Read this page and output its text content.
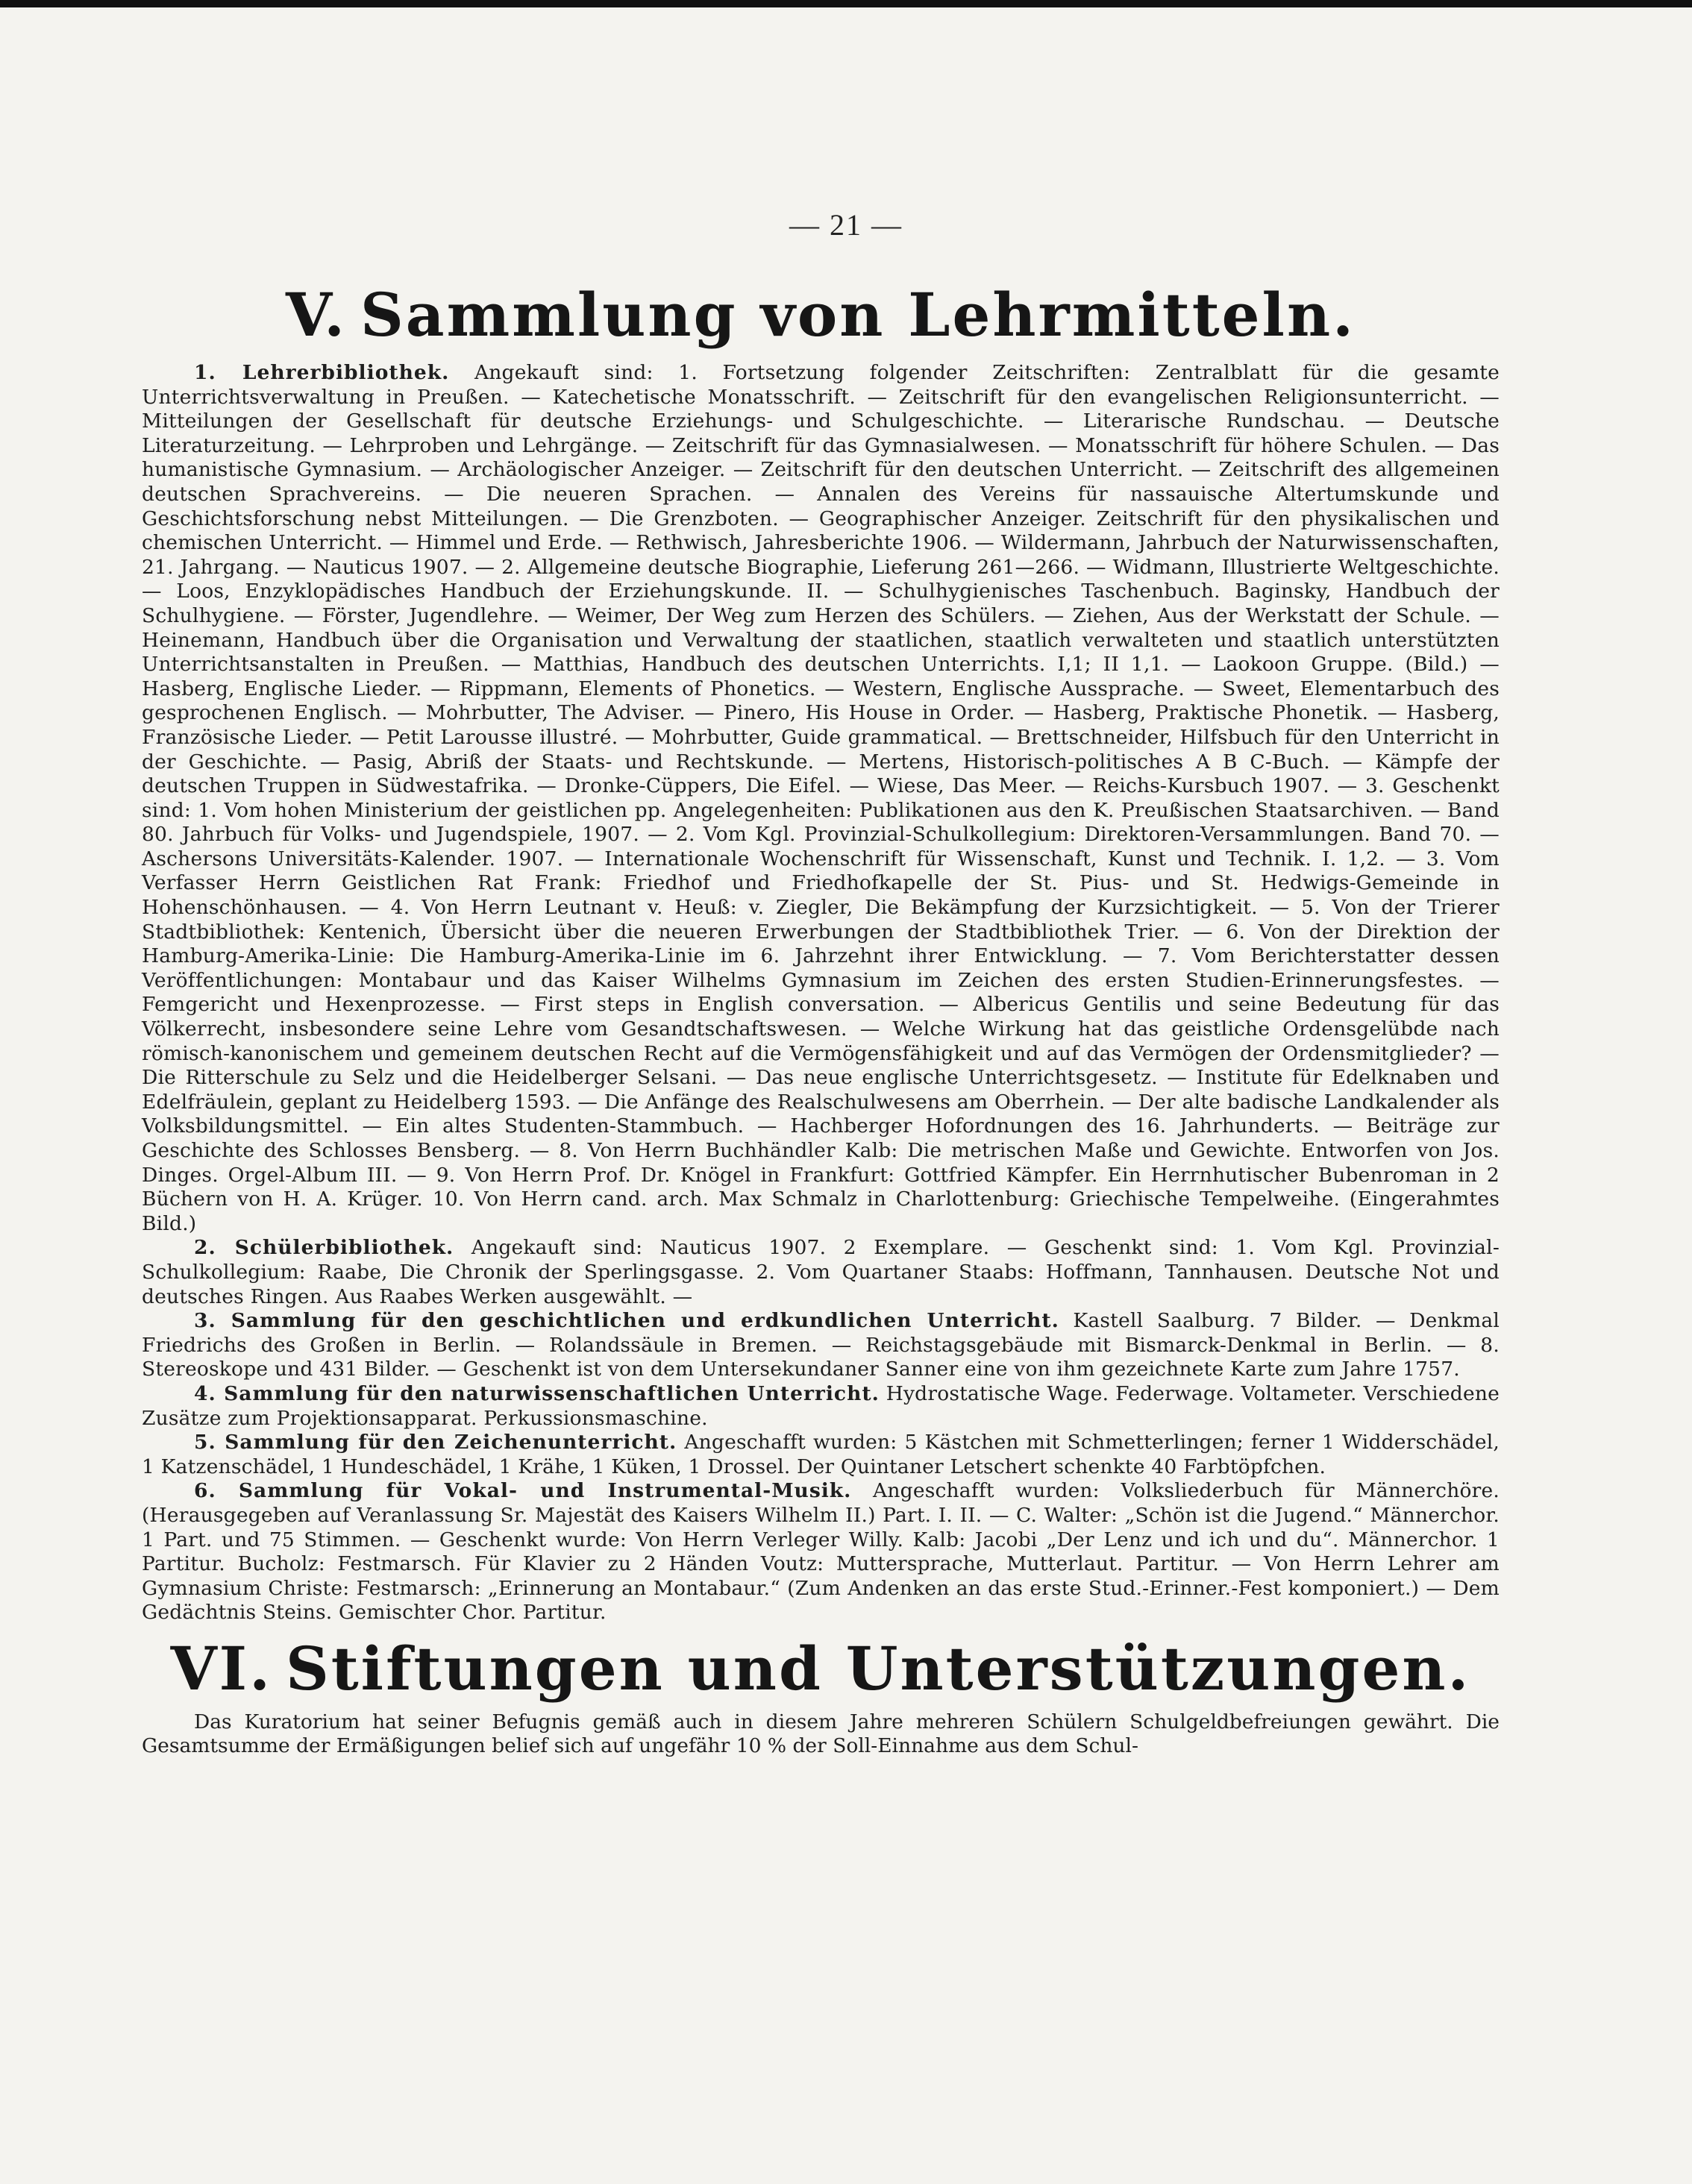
— 21 —
V. Sammlung von Lehrmitteln.

1. Lehrerbibliothek. Angekauft sind: 1. Fortsetzung folgender Zeitschriften: Zentralblatt für die gesamte Unterrichtsverwaltung in Preußen. — Katechetische Monatsschrift. — Zeitschrift für den evangelischen Religionsunterricht. — Mitteilungen der Gesellschaft für deutsche Erziehungs- und Schulgeschichte. — Literarische Rundschau. — Deutsche Literaturzeitung. — Lehrproben und Lehrgänge. — Zeitschrift für das Gymnasialwesen. — Monatsschrift für höhere Schulen. — Das humanistische Gymnasium. — Archäologischer Anzeiger. — Zeitschrift für den deutschen Unterricht. — Zeitschrift des allgemeinen deutschen Sprachvereins. — Die neueren Sprachen. — Annalen des Vereins für nassauische Altertumskunde und Geschichtsforschung nebst Mitteilungen. — Die Grenzboten. — Geographischer Anzeiger. Zeitschrift für den physikalischen und chemischen Unterricht. — Himmel und Erde. — Rethwisch, Jahresberichte 1906. — Wildermann, Jahrbuch der Naturwissenschaften, 21. Jahrgang. — Nauticus 1907. — 2. Allgemeine deutsche Biographie, Lieferung 261—266. — Widmann, Illustrierte Weltgeschichte. — Loos, Enzyklopädisches Handbuch der Erziehungskunde. II. — Schulhygienisches Taschenbuch. Baginsky, Handbuch der Schulhygiene. — Förster, Jugendlehre. — Weimer, Der Weg zum Herzen des Schülers. — Ziehen, Aus der Werkstatt der Schule. — Heinemann, Handbuch über die Organisation und Verwaltung der staatlichen, staatlich verwalteten und staatlich unterstützten Unterrichtsanstalten in Preußen. — Matthias, Handbuch des deutschen Unterrichts. I,1; II 1,1. — Laokoon Gruppe. (Bild.) — Hasberg, Englische Lieder. — Rippmann, Elements of Phonetics. — Western, Englische Aussprache. — Sweet, Elementarbuch des gesprochenen Englisch. — Mohrbutter, The Adviser. — Pinero, His House in Order. — Hasberg, Praktische Phonetik. — Hasberg, Französische Lieder. — Petit Larousse illustré. — Mohrbutter, Guide grammatical. — Brettschneider, Hilfsbuch für den Unterricht in der Geschichte. — Pasig, Abriß der Staats- und Rechtskunde. — Mertens, Historisch-politisches A B C-Buch. — Kämpfe der deutschen Truppen in Südwestafrika. — Dronke-Cüppers, Die Eifel. — Wiese, Das Meer. — Reichs-Kursbuch 1907. — 3. Geschenkt sind: 1. Vom hohen Ministerium der geistlichen pp. Angelegenheiten: Publikationen aus den K. Preußischen Staatsarchiven. — Band 80. Jahrbuch für Volks- und Jugendspiele, 1907. — 2. Vom Kgl. Provinzial-Schulkollegium: Direktoren-Versammlungen. Band 70. — Aschersons Universitäts-Kalender. 1907. — Internationale Wochenschrift für Wissenschaft, Kunst und Technik. I. 1,2. — 3. Vom Verfasser Herrn Geistlichen Rat Frank: Friedhof und Friedhofkapelle der St. Pius- und St. Hedwigs-Gemeinde in Hohenschönhausen. — 4. Von Herrn Leutnant v. Heuß: v. Ziegler, Die Bekämpfung der Kurzsichtigkeit. — 5. Von der Trierer Stadtbibliothek: Kentenich, Übersicht über die neueren Erwerbungen der Stadtbibliothek Trier. — 6. Von der Direktion der Hamburg-Amerika-Linie: Die Hamburg-Amerika-Linie im 6. Jahrzehnt ihrer Entwicklung. — 7. Vom Berichterstatter dessen Veröffentlichungen: Montabaur und das Kaiser Wilhelms Gymnasium im Zeichen des ersten Studien-Erinnerungsfestes. — Femgericht und Hexenprozesse. — First steps in English conversation. — Albericus Gentilis und seine Bedeutung für das Völkerrecht, insbesondere seine Lehre vom Gesandtschaftswesen. — Welche Wirkung hat das geistliche Ordensgelübde nach römisch-kanonischem und gemeinem deutschen Recht auf die Vermögensfähigkeit und auf das Vermögen der Ordensmitglieder? — Die Ritterschule zu Selz und die Heidelberger Selsani. — Das neue englische Unterrichtsgesetz. — Institute für Edelknaben und Edelfräulein, geplant zu Heidelberg 1593. — Die Anfänge des Realschulwesens am Oberrhein. — Der alte badische Landkalender als Volksbildungsmittel. — Ein altes Studenten-Stammbuch. — Hachberger Hofordnungen des 16. Jahrhunderts. — Beiträge zur Geschichte des Schlosses Bensberg. — 8. Von Herrn Buchhändler Kalb: Die metrischen Maße und Gewichte. Entworfen von Jos. Dinges. Orgel-Album III. — 9. Von Herrn Prof. Dr. Knögel in Frankfurt: Gottfried Kämpfer. Ein Herrnhutischer Bubenroman in 2 Büchern von H. A. Krüger. 10. Von Herrn cand. arch. Max Schmalz in Charlottenburg: Griechische Tempelweihe. (Eingerahmtes Bild.)

2. Schülerbibliothek. Angekauft sind: Nauticus 1907. 2 Exemplare. — Geschenkt sind: 1. Vom Kgl. Provinzial-Schulkollegium: Raabe, Die Chronik der Sperlingsgasse. 2. Vom Quartaner Staabs: Hoffmann, Tannhausen. Deutsche Not und deutsches Ringen. Aus Raabes Werken ausgewählt. —

3. Sammlung für den geschichtlichen und erdkundlichen Unterricht. Kastell Saalburg. 7 Bilder. — Denkmal Friedrichs des Großen in Berlin. — Rolandssäule in Bremen. — Reichstagsgebäude mit Bismarck-Denkmal in Berlin. — 8. Stereoskope und 431 Bilder. — Geschenkt ist von dem Untersekundaner Sanner eine von ihm gezeichnete Karte zum Jahre 1757.

4. Sammlung für den naturwissenschaftlichen Unterricht. Hydrostatische Wage. Federwage. Voltameter. Verschiedene Zusätze zum Projektionsapparat. Perkussionsmaschine.

5. Sammlung für den Zeichenunterricht. Angeschafft wurden: 5 Kästchen mit Schmetterlingen; ferner 1 Widderschädel, 1 Katzenschädel, 1 Hundeschädel, 1 Krähe, 1 Küken, 1 Drossel. Der Quintaner Letschert schenkte 40 Farbtöpfchen.

6. Sammlung für Vokal- und Instrumental-Musik. Angeschafft wurden: Volksliederbuch für Männerchöre. (Herausgegeben auf Veranlassung Sr. Majestät des Kaisers Wilhelm II.) Part. I. II. — C. Walter: „Schön ist die Jugend.“ Männerchor. 1 Part. und 75 Stimmen. — Geschenkt wurde: Von Herrn Verleger Willy. Kalb: Jacobi „Der Lenz und ich und du“. Männerchor. 1 Partitur. Bucholz: Festmarsch. Für Klavier zu 2 Händen Voutz: Muttersprache, Mutterlaut. Partitur. — Von Herrn Lehrer am Gymnasium Christe: Festmarsch: „Erinnerung an Montabaur.“ (Zum Andenken an das erste Stud.-Erinner.-Fest komponiert.) — Dem Gedächtnis Steins. Gemischter Chor. Partitur.

VI. Stiftungen und Unterstützungen.

Das Kuratorium hat seiner Befugnis gemäß auch in diesem Jahre mehreren Schülern Schulgeldbefreiungen gewährt. Die Gesamtsumme der Ermäßigungen belief sich auf ungefähr 10 % der Soll-Einnahme aus dem Schul-
